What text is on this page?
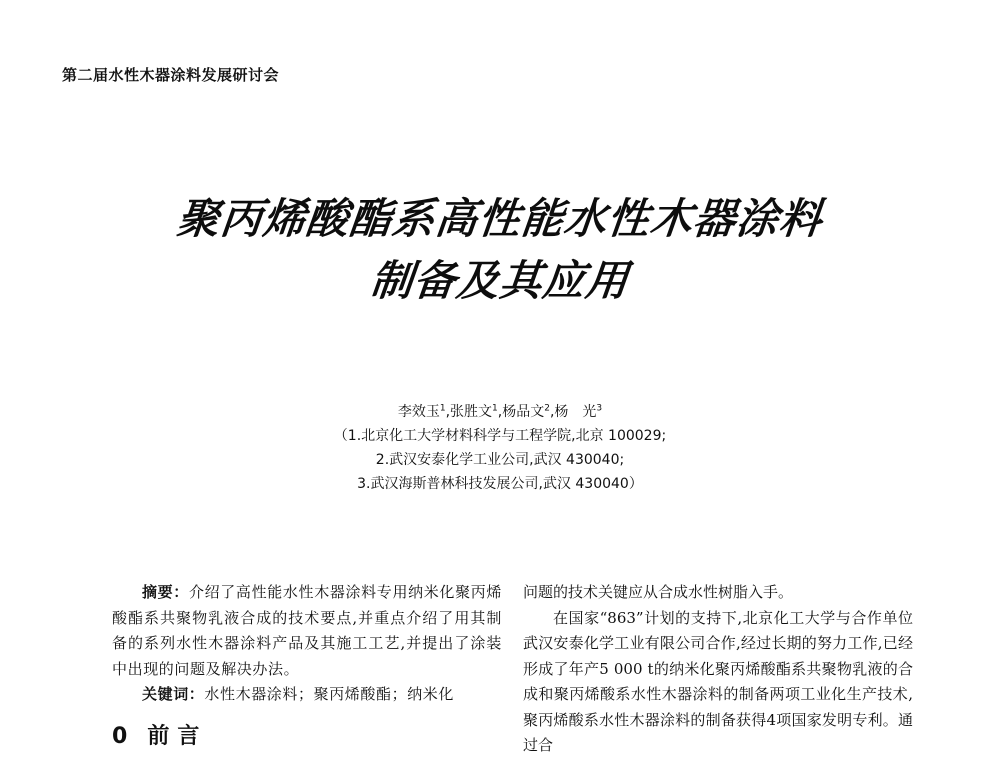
第二届水性木器涂料发展研讨会
聚丙烯酸酯系高性能水性木器涂料
制备及其应用
李效玉$^1$,张胜文$^1$,杨品文$^2$,杨　光$^3$
（1.北京化工大学材料科学与工程学院,北京 100029;
2.武汉安泰化学工业公司,武汉 430040;
3.武汉海斯普林科技发展公司,武汉 430040）

摘要：介绍了高性能水性木器涂料专用纳米化聚丙烯酸酯系共聚物乳液合成的技术要点,并重点介绍了用其制备的系列水性木器涂料产品及其施工工艺,并提出了涂装中出现的问题及解决办法。

关键词：水性木器涂料；聚丙烯酸酯；纳米化

0 前言

问题的技术关键应从合成水性树脂入手。

在国家“863”计划的支持下,北京化工大学与合作单位武汉安泰化学工业有限公司合作,经过长期的努力工作,已经形成了年产5 000 t的纳米化聚丙烯酸酯系共聚物乳液的合成和聚丙烯酸系水性木器涂料的制备两项工业化生产技术,聚丙烯酸系水性木器涂料的制备获得4项国家发明专利。通过合
